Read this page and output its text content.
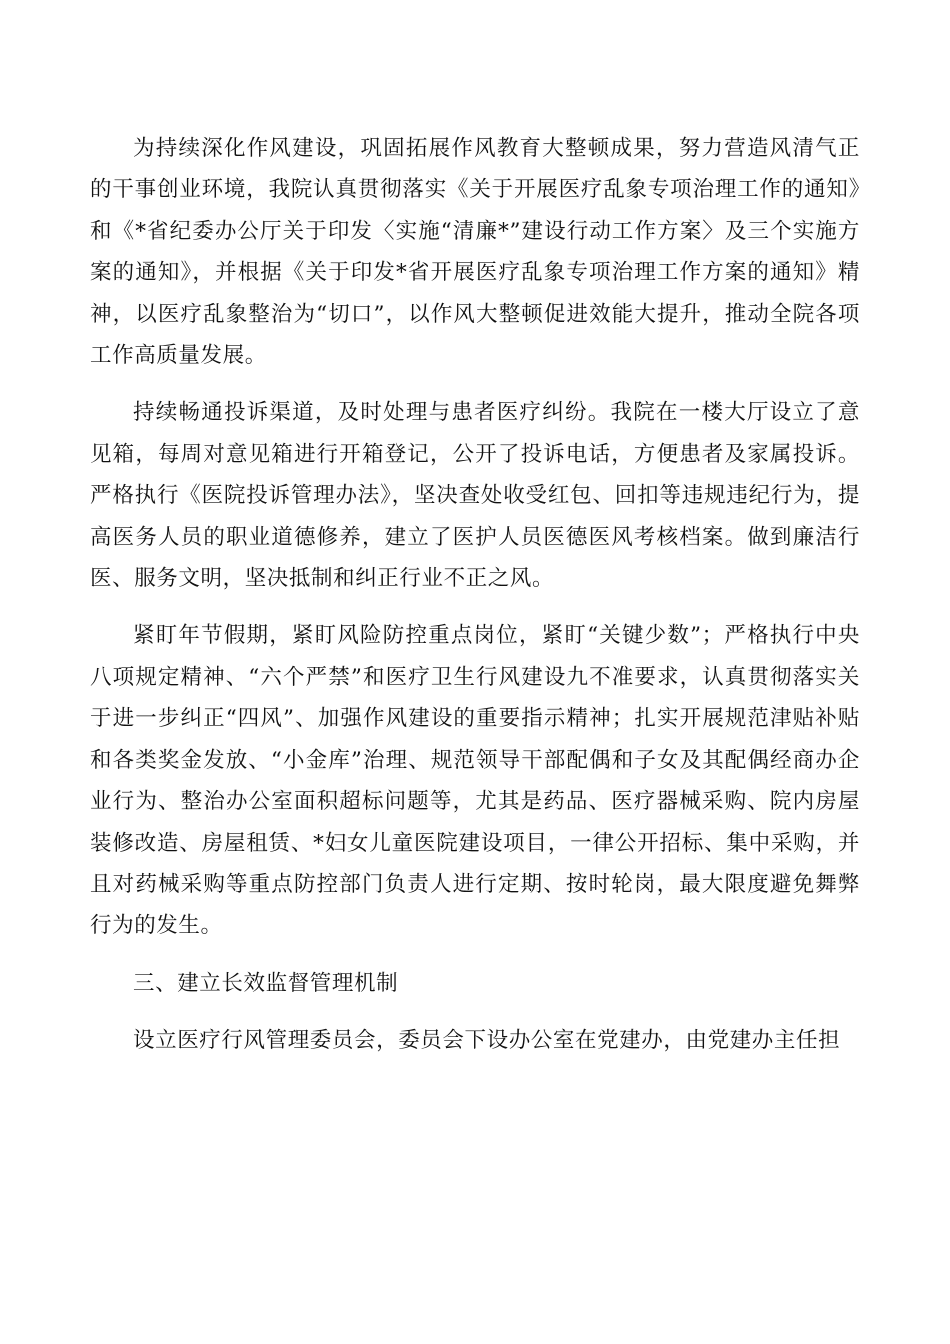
为持续深化作风建设，巩固拓展作风教育大整顿成果，努力营造风清气正的干事创业环境，我院认真贯彻落实《关于开展医疗乱象专项治理工作的通知》和《*省纪委办公厅关于印发〈实施“清廉*”建设行动工作方案〉及三个实施方案的通知》，并根据《关于印发*省开展医疗乱象专项治理工作方案的通知》精神，以医疗乱象整治为“切口”，以作风大整顿促进效能大提升，推动全院各项工作高质量发展。

持续畅通投诉渠道，及时处理与患者医疗纠纷。我院在一楼大厅设立了意见箱，每周对意见箱进行开箱登记，公开了投诉电话，方便患者及家属投诉。严格执行《医院投诉管理办法》，坚决查处收受红包、回扣等违规违纪行为，提高医务人员的职业道德修养，建立了医护人员医德医风考核档案。做到廉洁行医、服务文明，坚决抵制和纠正行业不正之风。

紧盯年节假期，紧盯风险防控重点岗位，紧盯“关键少数”；严格执行中央八项规定精神、“六个严禁”和医疗卫生行风建设九不准要求，认真贯彻落实关于进一步纠正“四风”、加强作风建设的重要指示精神；扎实开展规范津贴补贴和各类奖金发放、“小金库”治理、规范领导干部配偶和子女及其配偶经商办企业行为、整治办公室面积超标问题等，尤其是药品、医疗器械采购、院内房屋装修改造、房屋租赁、*妇女儿童医院建设项目，一律公开招标、集中采购，并且对药械采购等重点防控部门负责人进行定期、按时轮岗，最大限度避免舞弊行为的发生。

三、建立长效监督管理机制

设立医疗行风管理委员会，委员会下设办公室在党建办，由党建办主任担
